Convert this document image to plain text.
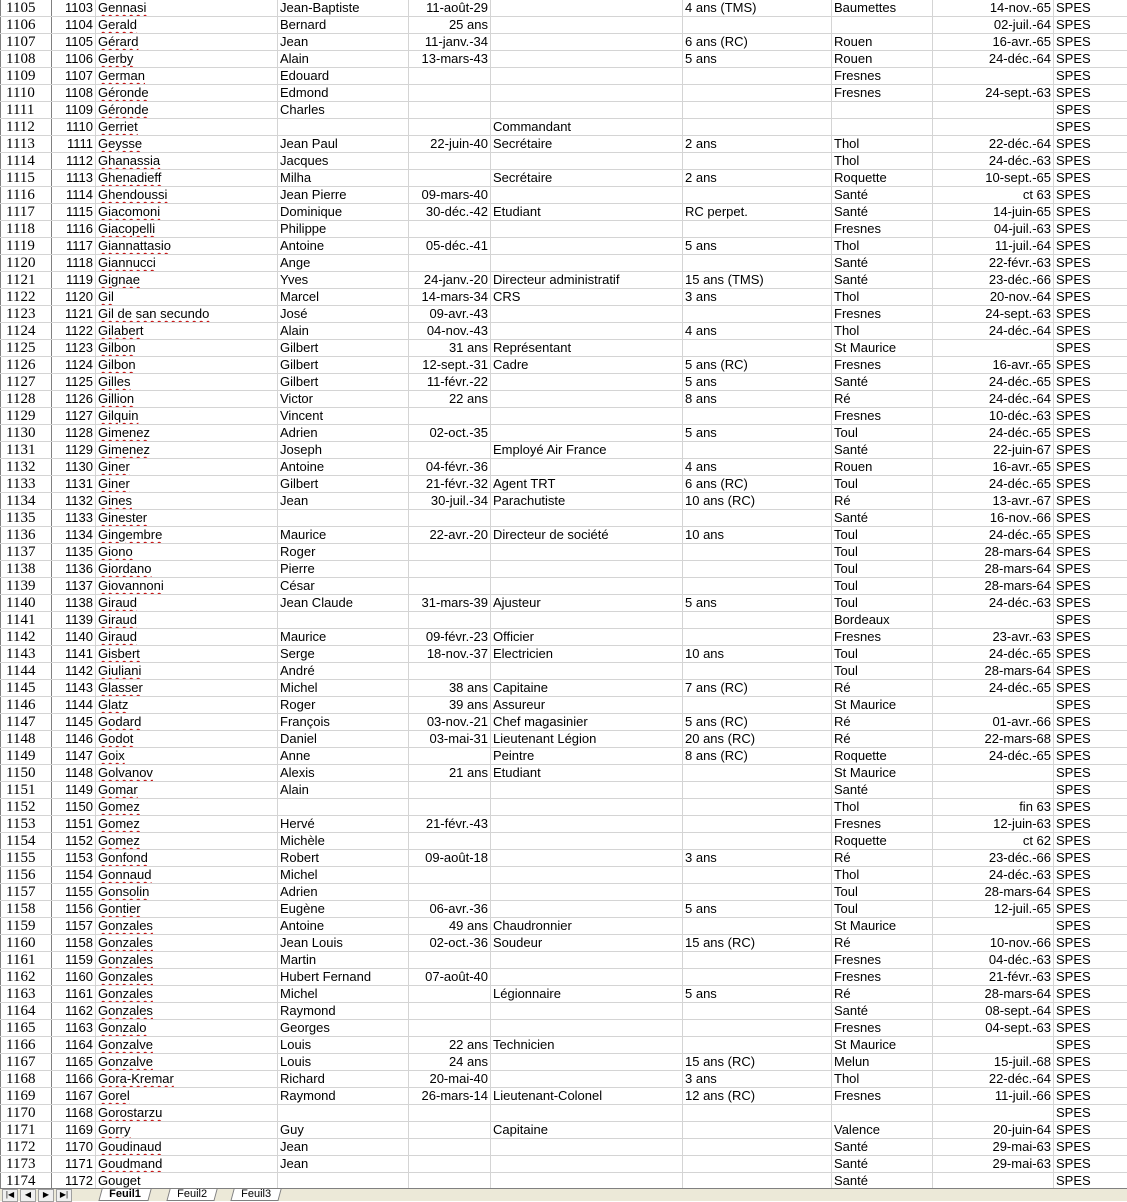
1105	1103	Gennasi	Jean-Baptiste	11-août-29		4 ans (TMS)	Baumettes	14-nov.-65	SPES
1106	1104	Gerald	Bernard	25 ans				02-juil.-64	SPES
1107	1105	Gérard	Jean	11-janv.-34		6 ans (RC)	Rouen	16-avr.-65	SPES
1108	1106	Gerby	Alain	13-mars-43		5 ans	Rouen	24-déc.-64	SPES
1109	1107	German	Edouard				Fresnes		SPES
1110	1108	Géronde	Edmond				Fresnes	24-sept.-63	SPES
1111	1109	Géronde	Charles						SPES
1112	1110	Gerriet			Commandant				SPES
1113	1111	Geysse	Jean Paul	22-juin-40	Secrétaire	2 ans	Thol	22-déc.-64	SPES
1114	1112	Ghanassia	Jacques				Thol	24-déc.-63	SPES
1115	1113	Ghenadieff	Milha		Secrétaire	2 ans	Roquette	10-sept.-65	SPES
1116	1114	Ghendoussi	Jean Pierre	09-mars-40			Santé	ct 63	SPES
1117	1115	Giacomoni	Dominique	30-déc.-42	Etudiant	RC perpet.	Santé	14-juin-65	SPES
1118	1116	Giacopelli	Philippe				Fresnes	04-juil.-63	SPES
1119	1117	Giannattasio	Antoine	05-déc.-41		5 ans	Thol	11-juil.-64	SPES
1120	1118	Giannucci	Ange				Santé	22-févr.-63	SPES
1121	1119	Gignae	Yves	24-janv.-20	Directeur administratif	15 ans (TMS)	Santé	23-déc.-66	SPES
1122	1120	Gil	Marcel	14-mars-34	CRS	3 ans	Thol	20-nov.-64	SPES
1123	1121	Gil de san secundo	José	09-avr.-43			Fresnes	24-sept.-63	SPES
1124	1122	Gilabert	Alain	04-nov.-43		4 ans	Thol	24-déc.-64	SPES
1125	1123	Gilbon	Gilbert	31 ans	Représentant		St Maurice		SPES
1126	1124	Gilbon	Gilbert	12-sept.-31	Cadre	5 ans (RC)	Fresnes	16-avr.-65	SPES
1127	1125	Gilles	Gilbert	11-févr.-22		5 ans	Santé	24-déc.-65	SPES
1128	1126	Gillion	Victor	22 ans		8 ans	Ré	24-déc.-64	SPES
1129	1127	Gilquin	Vincent				Fresnes	10-déc.-63	SPES
1130	1128	Gimenez	Adrien	02-oct.-35		5 ans	Toul	24-déc.-65	SPES
1131	1129	Gimenez	Joseph		Employé Air France		Santé	22-juin-67	SPES
1132	1130	Giner	Antoine	04-févr.-36		4 ans	Rouen	16-avr.-65	SPES
1133	1131	Giner	Gilbert	21-févr.-32	Agent TRT	6 ans (RC)	Toul	24-déc.-65	SPES
1134	1132	Gines	Jean	30-juil.-34	Parachutiste	10 ans (RC)	Ré	13-avr.-67	SPES
1135	1133	Ginester					Santé	16-nov.-66	SPES
1136	1134	Gingembre	Maurice	22-avr.-20	Directeur de société	10 ans	Toul	24-déc.-65	SPES
1137	1135	Giono	Roger				Toul	28-mars-64	SPES
1138	1136	Giordano	Pierre				Toul	28-mars-64	SPES
1139	1137	Giovannoni	César				Toul	28-mars-64	SPES
1140	1138	Giraud	Jean Claude	31-mars-39	Ajusteur	5 ans	Toul	24-déc.-63	SPES
1141	1139	Giraud					Bordeaux		SPES
1142	1140	Giraud	Maurice	09-févr.-23	Officier		Fresnes	23-avr.-63	SPES
1143	1141	Gisbert	Serge	18-nov.-37	Electricien	10 ans	Toul	24-déc.-65	SPES
1144	1142	Giuliani	André				Toul	28-mars-64	SPES
1145	1143	Glasser	Michel	38 ans	Capitaine	7 ans (RC)	Ré	24-déc.-65	SPES
1146	1144	Glatz	Roger	39 ans	Assureur		St Maurice		SPES
1147	1145	Godard	François	03-nov.-21	Chef magasinier	5 ans (RC)	Ré	01-avr.-66	SPES
1148	1146	Godot	Daniel	03-mai-31	Lieutenant Légion	20 ans (RC)	Ré	22-mars-68	SPES
1149	1147	Goix	Anne		Peintre	8 ans (RC)	Roquette	24-déc.-65	SPES
1150	1148	Golvanov	Alexis	21 ans	Etudiant		St Maurice		SPES
1151	1149	Gomar	Alain				Santé		SPES
1152	1150	Gomez					Thol	fin 63	SPES
1153	1151	Gomez	Hervé	21-févr.-43			Fresnes	12-juin-63	SPES
1154	1152	Gomez	Michèle				Roquette	ct 62	SPES
1155	1153	Gonfond	Robert	09-août-18		3 ans	Ré	23-déc.-66	SPES
1156	1154	Gonnaud	Michel				Thol	24-déc.-63	SPES
1157	1155	Gonsolin	Adrien				Toul	28-mars-64	SPES
1158	1156	Gontier	Eugène	06-avr.-36		5 ans	Toul	12-juil.-65	SPES
1159	1157	Gonzales	Antoine	49 ans	Chaudronnier		St Maurice		SPES
1160	1158	Gonzales	Jean Louis	02-oct.-36	Soudeur	15 ans (RC)	Ré	10-nov.-66	SPES
1161	1159	Gonzales	Martin				Fresnes	04-déc.-63	SPES
1162	1160	Gonzales	Hubert Fernand	07-août-40			Fresnes	21-févr.-63	SPES
1163	1161	Gonzales	Michel		Légionnaire	5 ans	Ré	28-mars-64	SPES
1164	1162	Gonzales	Raymond				Santé	08-sept.-64	SPES
1165	1163	Gonzalo	Georges				Fresnes	04-sept.-63	SPES
1166	1164	Gonzalve	Louis	22 ans	Technicien		St Maurice		SPES
1167	1165	Gonzalve	Louis	24 ans		15 ans (RC)	Melun	15-juil.-68	SPES
1168	1166	Gora-Kremar	Richard	20-mai-40		3 ans	Thol	22-déc.-64	SPES
1169	1167	Gorel	Raymond	26-mars-14	Lieutenant-Colonel	12 ans (RC)	Fresnes	11-juil.-66	SPES
1170	1168	Gorostarzu							SPES
1171	1169	Gorry	Guy		Capitaine		Valence	20-juin-64	SPES
1172	1170	Goudinaud	Jean				Santé	29-mai-63	SPES
1173	1171	Goudmand	Jean				Santé	29-mai-63	SPES
1174	1172	Gouget					Santé		SPES
|◀	◀	▶	▶|	Feuil1	Feuil2	Feuil3
